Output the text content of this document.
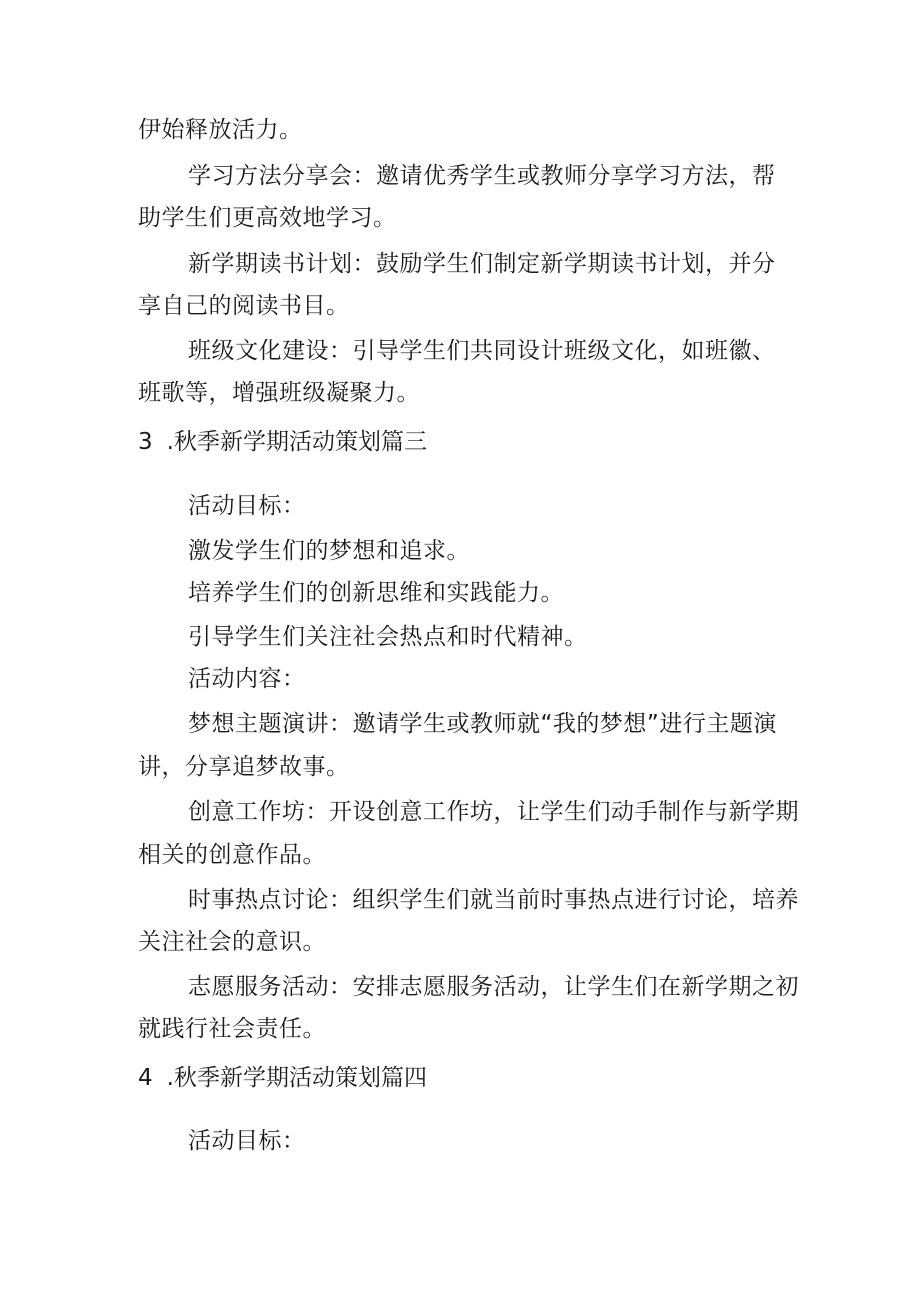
伊始释放活力。
学习方法分享会：邀请优秀学生或教师分享学习方法，帮
助学生们更高效地学习。
新学期读书计划：鼓励学生们制定新学期读书计划，并分
享自己的阅读书目。
班级文化建设：引导学生们共同设计班级文化，如班徽、
班歌等，增强班级凝聚力。
3 .秋季新学期活动策划篇三
活动目标：
激发学生们的梦想和追求。
培养学生们的创新思维和实践能力。
引导学生们关注社会热点和时代精神。
活动内容：
梦想主题演讲：邀请学生或教师就“我的梦想”进行主题演
讲，分享追梦故事。
创意工作坊：开设创意工作坊，让学生们动手制作与新学期
相关的创意作品。
时事热点讨论：组织学生们就当前时事热点进行讨论，培养
关注社会的意识。
志愿服务活动：安排志愿服务活动，让学生们在新学期之初
就践行社会责任。
4 .秋季新学期活动策划篇四
活动目标：
